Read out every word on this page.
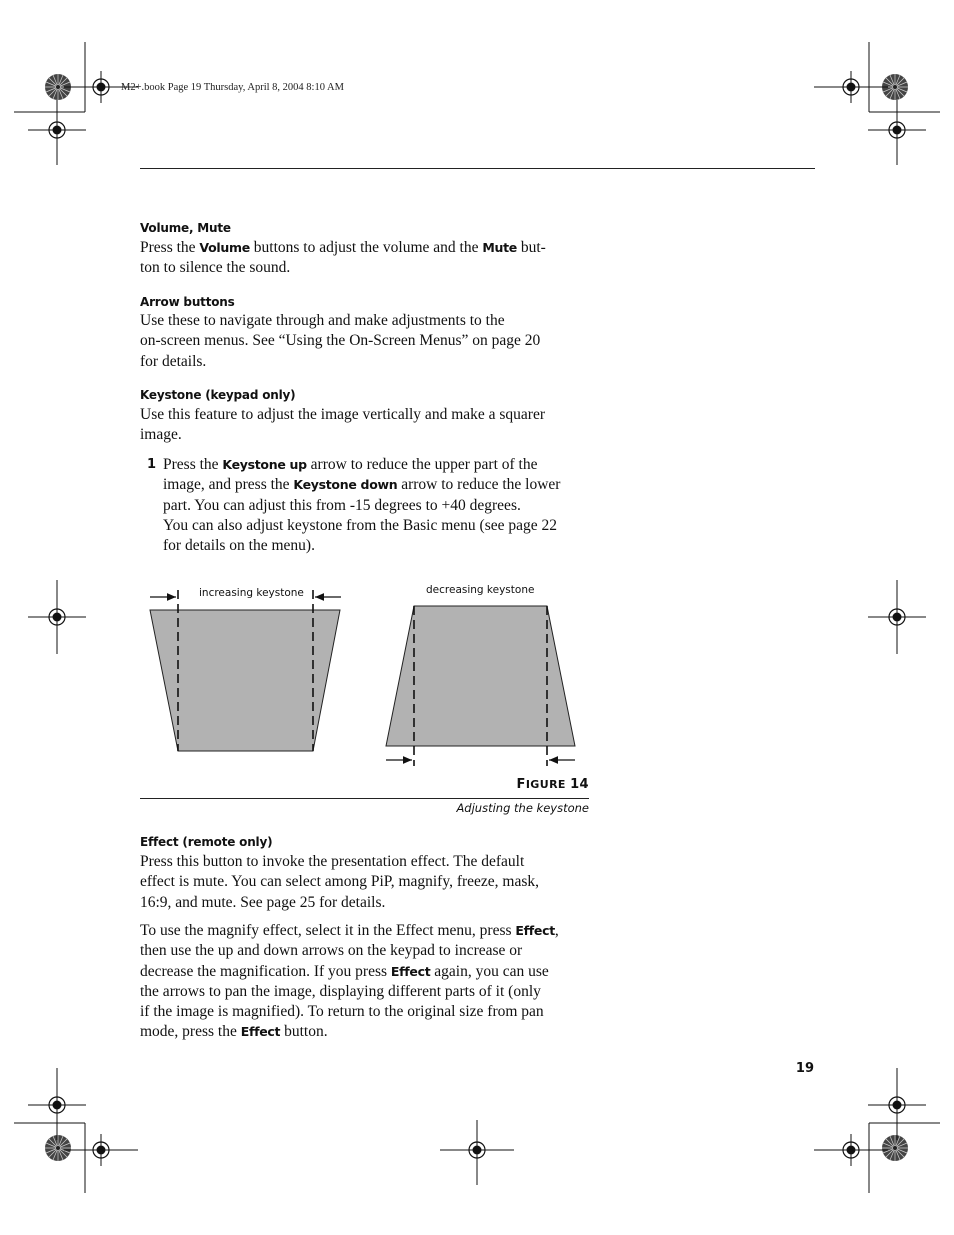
M2+.book Page 19 Thursday, April 8, 2004 8:10 AM
Volume, Mute

Press the Volume buttons to adjust the volume and the Mute but-

ton to silence the sound.

Arrow buttons

Use these to navigate through and make adjustments to the

on-screen menus. See “Using the On-Screen Menus” on page 20

for details.

Keystone (keypad only)

Use this feature to adjust the image vertically and make a squarer

image.

1 Press the Keystone up arrow to reduce the upper part of the

image, and press the Keystone down arrow to reduce the lower

part. You can adjust this from -15 degrees to +40 degrees.

You can also adjust keystone from the Basic menu (see page 22

for details on the menu).

increasing keystone	decreasing keystone
FIGURE 14
Adjusting the keystone
Effect (remote only)

Press this button to invoke the presentation effect. The default

effect is mute. You can select among PiP, magnify, freeze, mask,

16:9, and mute. See page 25 for details.

To use the magnify effect, select it in the Effect menu, press Effect,

then use the up and down arrows on the keypad to increase or

decrease the magnification. If you press Effect again, you can use

the arrows to pan the image, displaying different parts of it (only

if the image is magnified). To return to the original size from pan

mode, press the Effect button.

19
